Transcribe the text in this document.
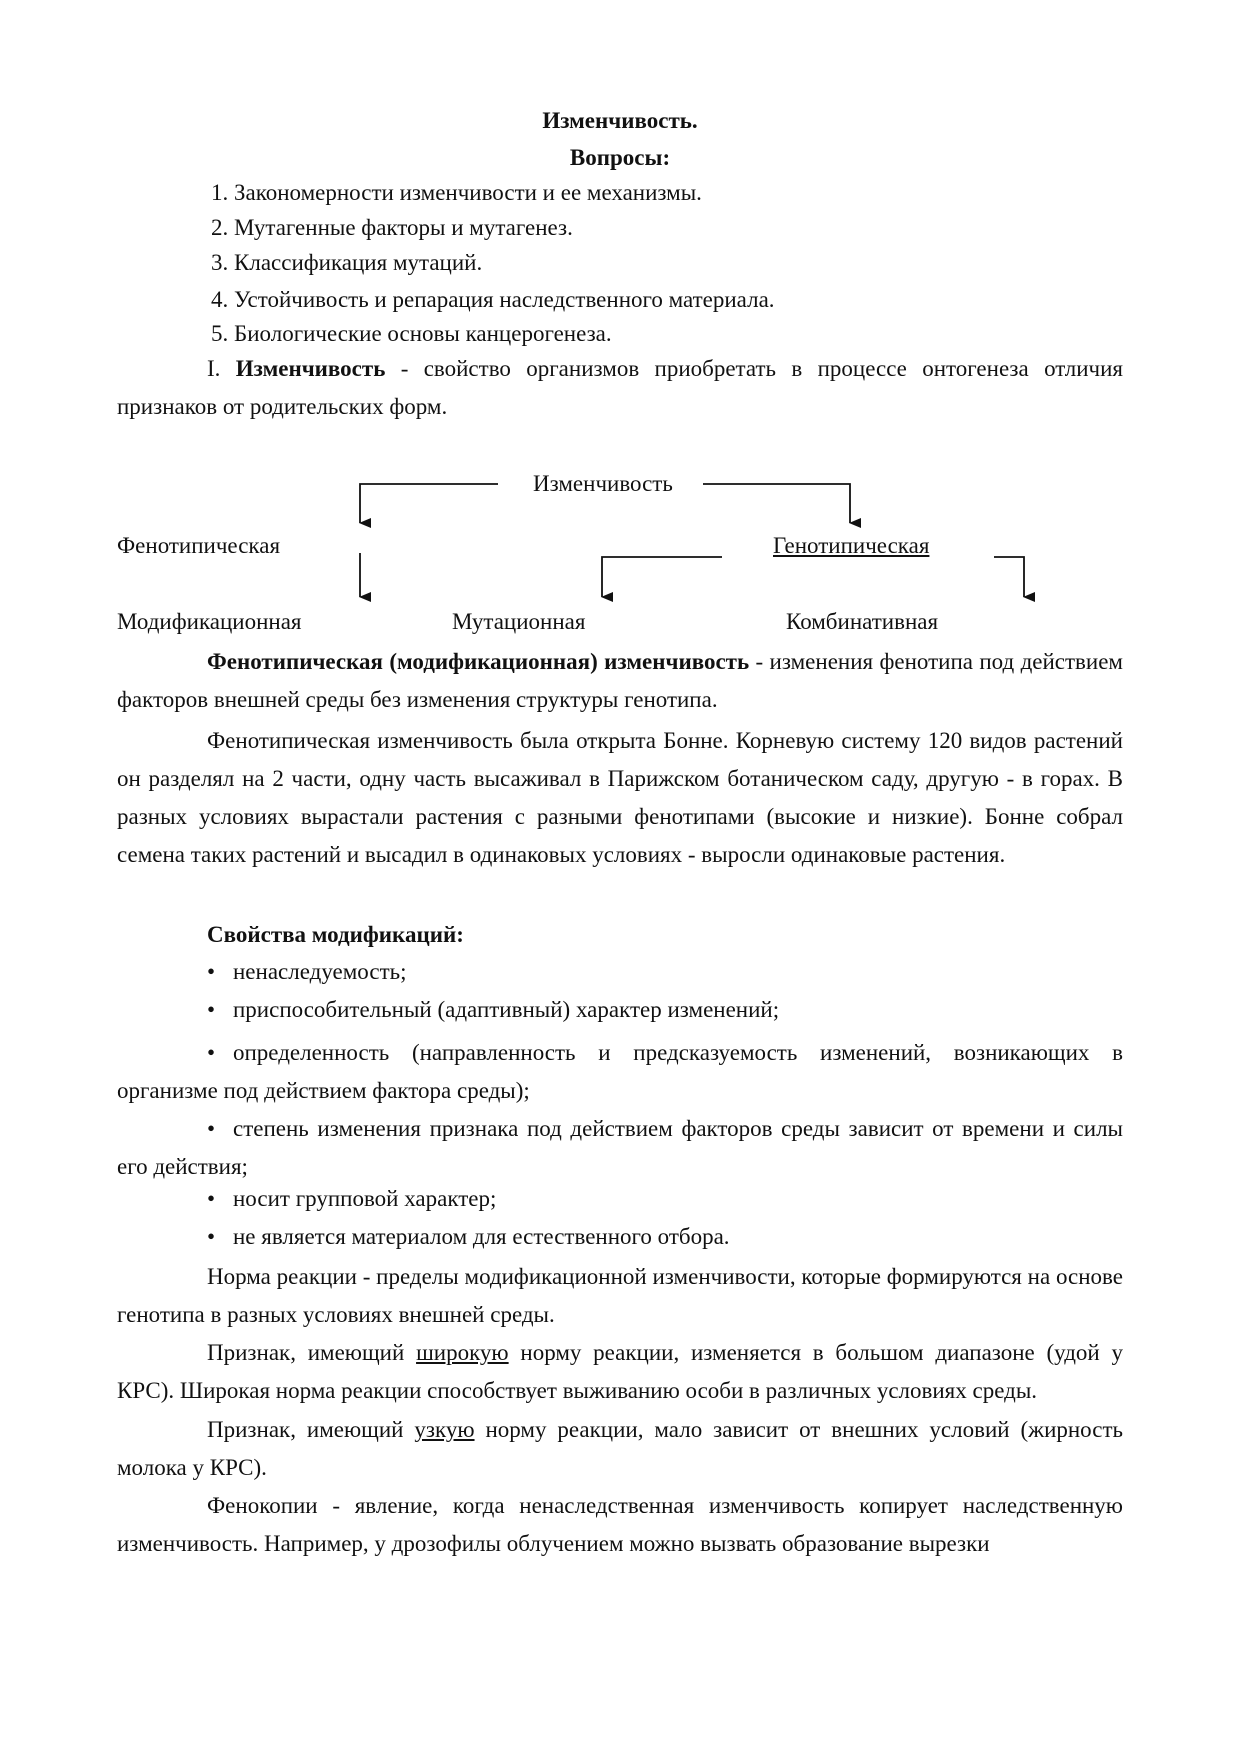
Изменчивость.
Вопросы:
1. Закономерности изменчивости и ее механизмы.
2. Мутагенные факторы и мутагенез.
3. Классификация мутаций.
4. Устойчивость и репарация наследственного материала.
5. Биологические основы канцерогенеза.
I. Изменчивость - свойство организмов приобретать в процессе онтогенеза отличия признаков от родительских форм.
Изменчивость
Фенотипическая	Генотипическая
Модификационная	Мутационная	Комбинативная
Фенотипическая (модификационная) изменчивость - изменения фенотипа под действием факторов внешней среды без изменения структуры генотипа.
Фенотипическая изменчивость была открыта Бонне. Корневую систему 120 видов растений он разделял на 2 части, одну часть высаживал в Парижском ботаническом саду, другую - в горах. В разных условиях вырастали растения с разными фенотипами (высокие и низкие). Бонне собрал семена таких растений и высадил в одинаковых условиях - выросли одинаковые растения.
Свойства модификаций:
• ненаследуемость;
• приспособительный (адаптивный) характер изменений;
• определенность (направленность и предсказуемость изменений, возникающих в организме под действием фактора среды);
• степень изменения признака под действием факторов среды зависит от времени и силы его действия;
• носит групповой характер;
• не является материалом для естественного отбора.
Норма реакции - пределы модификационной изменчивости, которые формируются на основе генотипа в разных условиях внешней среды.
Признак, имеющий широкую норму реакции, изменяется в большом диапазоне (удой у КРС). Широкая норма реакции способствует выживанию особи в различных условиях среды.
Признак, имеющий узкую норму реакции, мало зависит от внешних условий (жирность молока у КРС).
Фенокопии - явление, когда ненаследственная изменчивость копирует наследственную изменчивость. Например, у дрозофилы облучением можно вызвать образование вырезки
